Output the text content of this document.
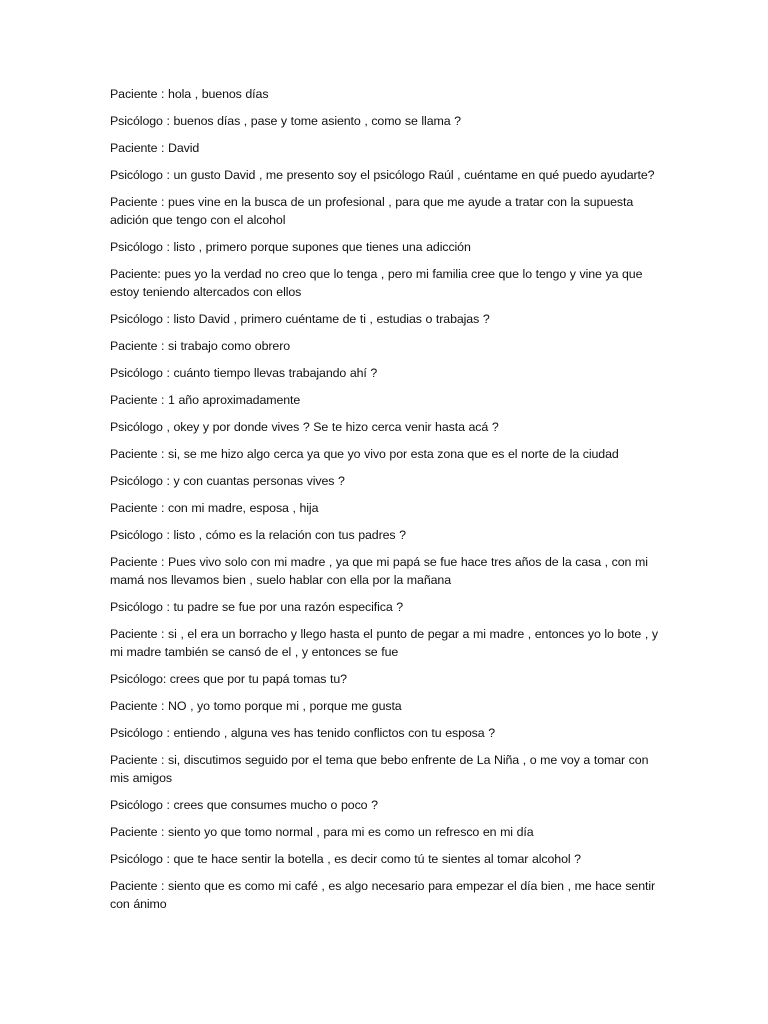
Paciente : hola , buenos días

Psicólogo : buenos días , pase y tome asiento , como se llama ?

Paciente : David

Psicólogo : un gusto David , me presento soy el psicólogo Raúl , cuéntame en qué puedo ayudarte?

Paciente : pues vine en la busca de un profesional , para que me ayude a tratar con la supuesta adición que tengo con el alcohol

Psicólogo : listo , primero porque supones que tienes una adicción

Paciente: pues yo la verdad no creo que lo tenga , pero mi familia cree que lo tengo y vine ya que estoy teniendo altercados con ellos

Psicólogo : listo David , primero cuéntame de ti , estudias o trabajas ?

Paciente : si trabajo como obrero

Psicólogo : cuánto tiempo llevas trabajando ahí ?

Paciente : 1 año aproximadamente

Psicólogo , okey y por donde vives ? Se te hizo cerca venir hasta acá ?

Paciente : si, se me hizo algo cerca ya que yo vivo por esta zona que es el norte de la ciudad

Psicólogo : y con cuantas personas vives ?

Paciente : con mi madre, esposa , hija

Psicólogo : listo , cómo es la relación con tus padres ?

Paciente : Pues vivo solo con mi madre , ya que mi papá se fue hace tres años de la casa , con mi mamá nos llevamos bien , suelo hablar con ella por la mañana

Psicólogo : tu padre se fue por una razón especifica ?

Paciente : si , el era un borracho y llego hasta el punto de pegar a mi madre , entonces yo lo bote , y mi madre también se cansó de el , y entonces se fue

Psicólogo: crees que por tu papá tomas tu?

Paciente : NO , yo tomo porque mi , porque me gusta

Psicólogo : entiendo , alguna ves has tenido conflictos con tu esposa ?

Paciente : si, discutimos seguido por el tema que bebo enfrente de La Niña , o me voy a tomar con mis amigos

Psicólogo : crees que consumes mucho o poco ?

Paciente : siento yo que tomo normal , para mi es como un refresco en mi día

Psicólogo : que te hace sentir la botella , es decir como tú te sientes al tomar alcohol ?

Paciente : siento que es como mi café , es algo necesario para empezar el día bien , me hace sentir con ánimo
